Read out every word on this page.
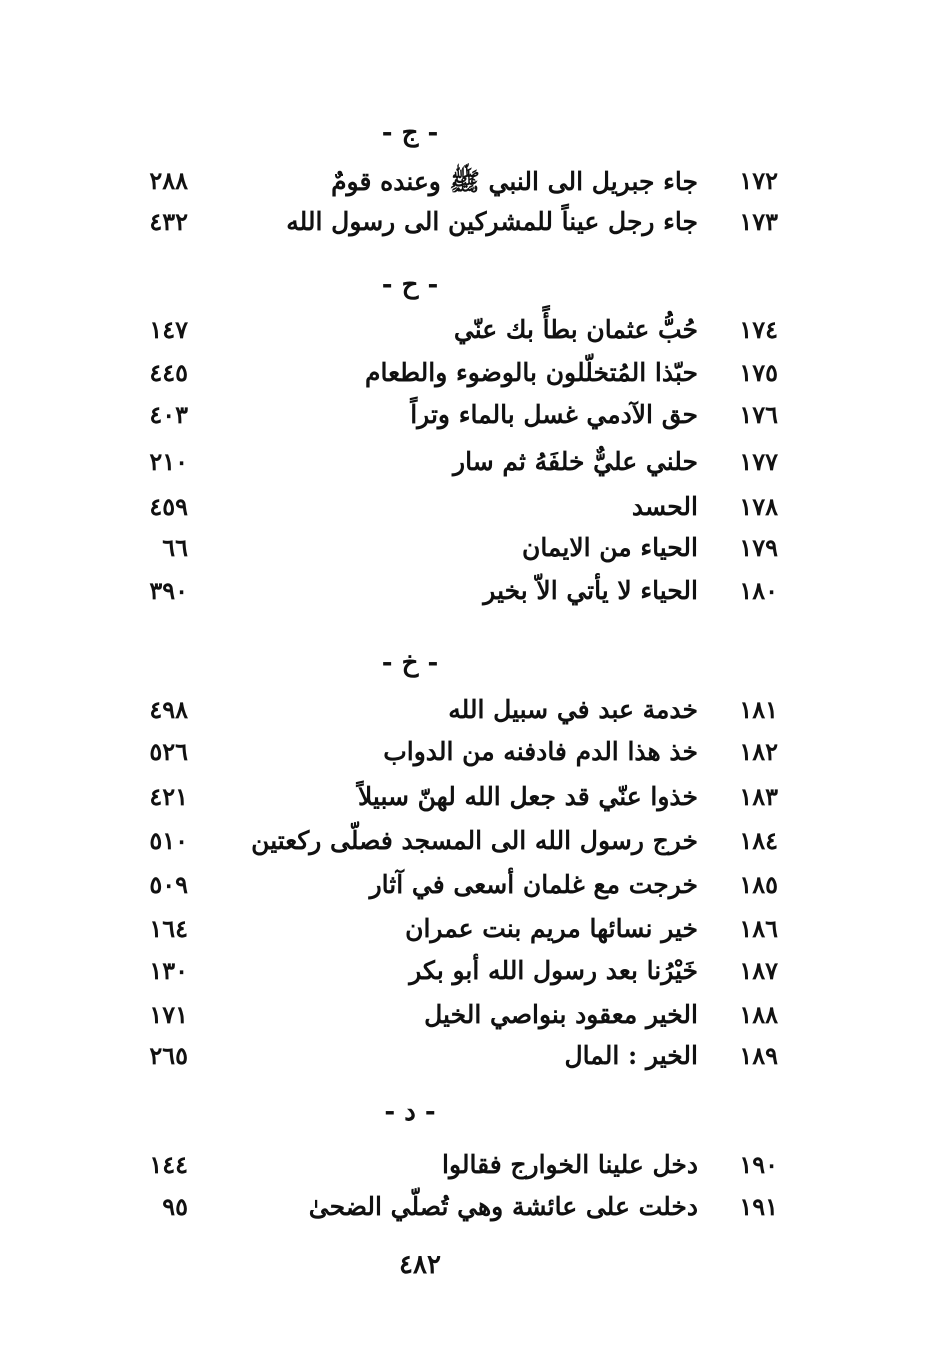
- ج -
١٧٢
جاء جبريل الى النبي ﷺ وعنده قومٌ
٢٨٨
١٧٣
جاء رجل عيناً للمشركين الى رسول الله
٤٣٢
- ح -
١٧٤
حُبُّ عثمان بطأً بك عنّي
١٤٧
١٧٥
حبّذا المُتخلّلون بالوضوء والطعام
٤٤٥
١٧٦
حق الآدمي غسل بالماء وتراً
٤٠٣
١٧٧
حلني عليٌّ خلفَهُ ثم سار
٢١٠
١٧٨
الحسد
٤٥٩
١٧٩
الحياء من الايمان
٦٦
١٨٠
الحياء لا يأتي الاّ بخير
٣٩٠
- خ -
١٨١
خدمة عبد في سبيل الله
٤٩٨
١٨٢
خذ هذا الدم فادفنه من الدواب
٥٢٦
١٨٣
خذوا عنّي قد جعل الله لهنّ سبيلاً
٤٢١
١٨٤
خرج رسول الله الى المسجد فصلّى ركعتين
٥١٠
١٨٥
خرجت مع غلمان أسعى في آثار
٥٠٩
١٨٦
خير نسائها مريم بنت عمران
١٦٤
١٨٧
خَيْرُنا بعد رسول الله أبو بكر
١٣٠
١٨٨
الخير معقود بنواصي الخيل
١٧١
١٨٩
الخير : المال
٢٦٥
- د -
١٩٠
دخل علينا الخوارج فقالوا
١٤٤
١٩١
دخلت على عائشة وهي تُصلّي الضحىٰ
٩٥
٤٨٢
